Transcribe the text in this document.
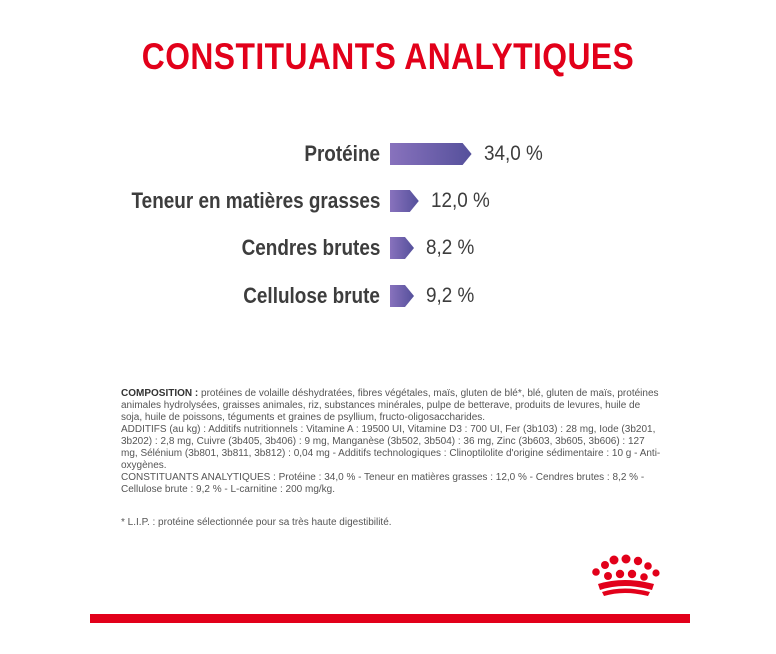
CONSTITUANTS ANALYTIQUES
Protéine	34,0 %
Teneur en matières grasses 12,0 %
Cendres brutes 8,2 %
Cellulose brute 9,2 %

COMPOSITION : protéines de volaille déshydratées, fibres végétales, maïs, gluten de blé*, blé, gluten de maïs, protéines animales hydrolysées, graisses animales, riz, substances minérales, pulpe de betterave, produits de levures, huile de soja, huile de poissons, téguments et graines de psyllium, fructo-oligosaccharides.

ADDITIFS (au kg) : Additifs nutritionnels : Vitamine A : 19500 UI, Vitamine D3 : 700 UI, Fer (3b103) : 28 mg, Iode (3b201, 3b202) : 2,8 mg, Cuivre (3b405, 3b406) : 9 mg, Manganèse (3b502, 3b504) : 36 mg, Zinc (3b603, 3b605, 3b606) : 127 mg, Sélénium (3b801, 3b811, 3b812) : 0,04 mg - Additifs technologiques : Clinoptilolite d'origine sédimentaire : 10 g - Anti-oxygènes.

CONSTITUANTS ANALYTIQUES : Protéine : 34,0 % - Teneur en matières grasses : 12,0 % - Cendres brutes : 8,2 % - Cellulose brute : 9,2 % - L-carnitine : 200 mg/kg.

* L.I.P. : protéine sélectionnée pour sa très haute digestibilité.
